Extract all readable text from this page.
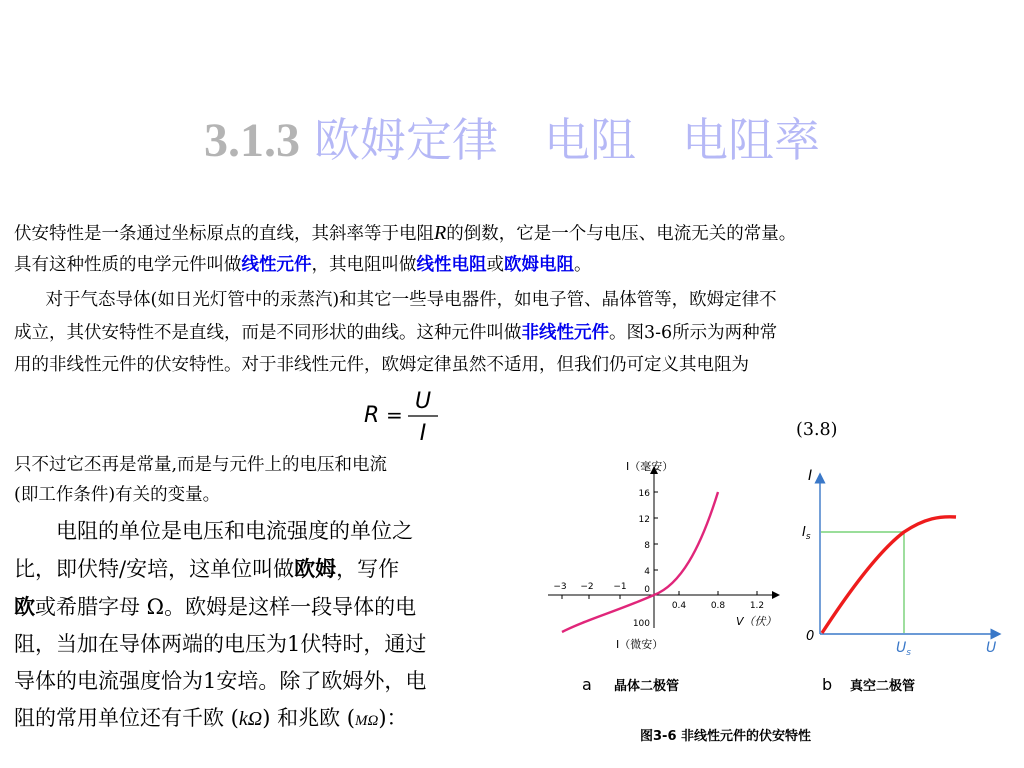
3.1.3 欧姆定律　电阻　电阻率
伏安特性是一条通过坐标原点的直线，其斜率等于电阻R的倒数，它是一个与电压、电流无关的常量。
具有这种性质的电学元件叫做线性元件，其电阻叫做线性电阻或欧姆电阻。
　对于气态导体(如日光灯管中的汞蒸汽)和其它一些导电器件，如电子管、晶体管等，欧姆定律不
成立，其伏安特性不是直线，而是不同形状的曲线。这种元件叫做非线性元件。图3-6所示为两种常
用的非线性元件的伏安特性。对于非线性元件，欧姆定律虽然不适用，但我们仍可定义其电阻为
R =
U
I	(3.8)
只不过它丕再是常量,而是与元件上的电压和电流
(即工作条件)有关的变量。
　　电阻的单位是电压和电流强度的单位之
比，即伏特/安培，这单位叫做欧姆，写作
欧或希腊字母 Ω。欧姆是这样一段导体的电
阻，当加在导体两端的电压为1伏特时，通过
导体的电流强度恰为1安培。除了欧姆外，电
阻的常用单位还有千欧 (kΩ) 和兆欧 (MΩ)：
I（毫安）
16
12
8
4
0
0.4	0.8	1.2
−3 −2 −1
V（伏）
100
I（微安）
a 晶体二极管
I
$I_s$
0
$U_s$	U
b 真空二极管
图3-6 非线性元件的伏安特性
